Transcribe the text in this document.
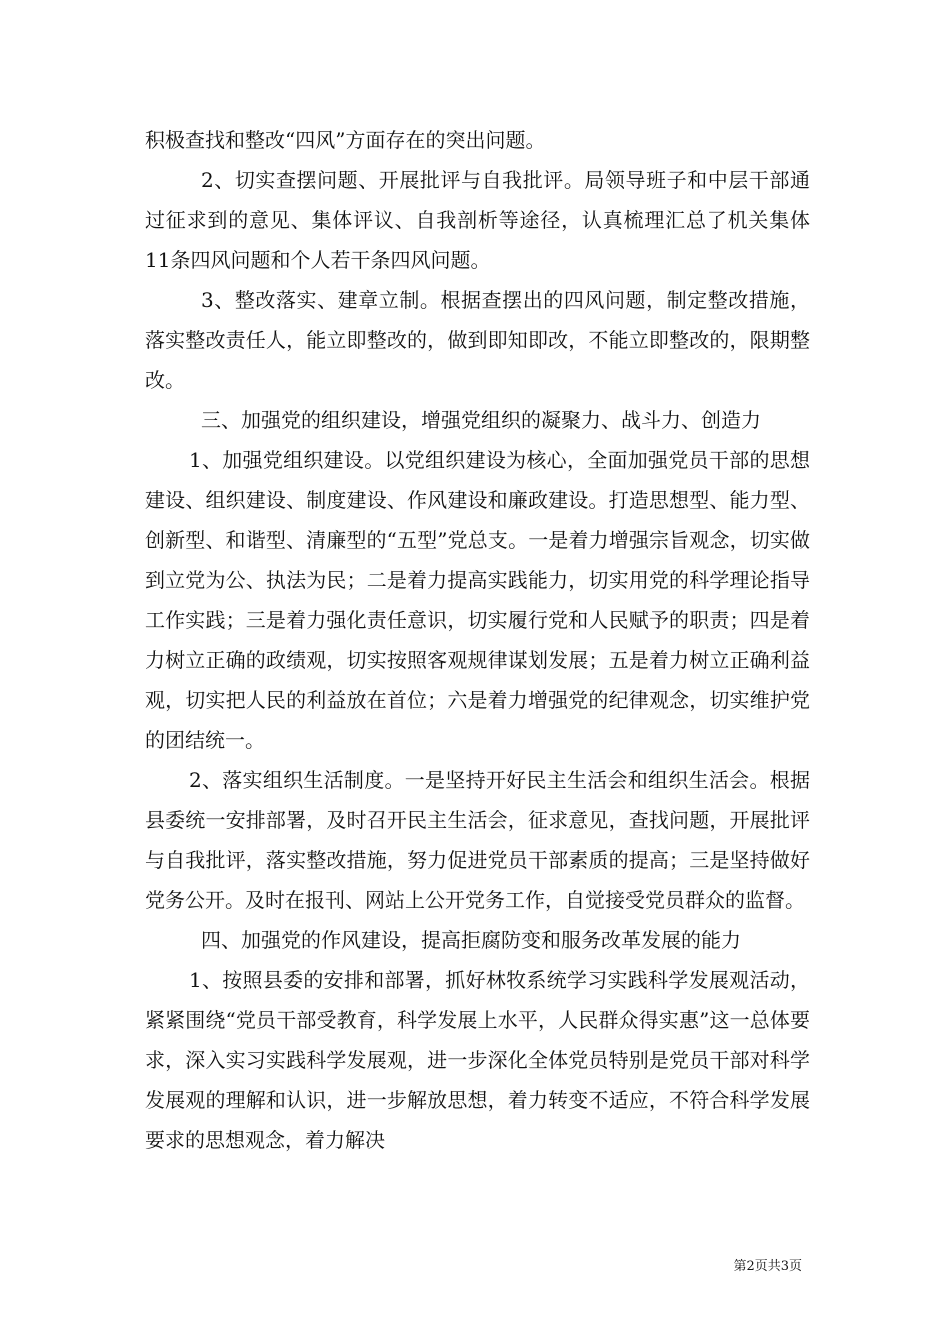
积极查找和整改“四风”方面存在的突出问题。

2、切实查摆问题、开展批评与自我批评。局领导班子和中层干部通过征求到的意见、集体评议、自我剖析等途径，认真梳理汇总了机关集体11条四风问题和个人若干条四风问题。

3、整改落实、建章立制。根据查摆出的四风问题，制定整改措施，落实整改责任人，能立即整改的，做到即知即改，不能立即整改的，限期整改。

三、加强党的组织建设，增强党组织的凝聚力、战斗力、创造力

1、加强党组织建设。以党组织建设为核心，全面加强党员干部的思想建设、组织建设、制度建设、作风建设和廉政建设。打造思想型、能力型、创新型、和谐型、清廉型的“五型”党总支。一是着力增强宗旨观念，切实做到立党为公、执法为民；二是着力提高实践能力，切实用党的科学理论指导工作实践；三是着力强化责任意识，切实履行党和人民赋予的职责；四是着力树立正确的政绩观，切实按照客观规律谋划发展；五是着力树立正确利益观，切实把人民的利益放在首位；六是着力增强党的纪律观念，切实维护党的团结统一。

2、落实组织生活制度。一是坚持开好民主生活会和组织生活会。根据县委统一安排部署，及时召开民主生活会，征求意见，查找问题，开展批评与自我批评，落实整改措施，努力促进党员干部素质的提高；三是坚持做好党务公开。及时在报刊、网站上公开党务工作，自觉接受党员群众的监督。

四、加强党的作风建设，提高拒腐防变和服务改革发展的能力

1、按照县委的安排和部署，抓好林牧系统学习实践科学发展观活动，紧紧围绕“党员干部受教育，科学发展上水平，人民群众得实惠”这一总体要求，深入实习实践科学发展观，进一步深化全体党员特别是党员干部对科学发展观的理解和认识，进一步解放思想，着力转变不适应，不符合科学发展要求的思想观念，着力解决

第2页共3页
